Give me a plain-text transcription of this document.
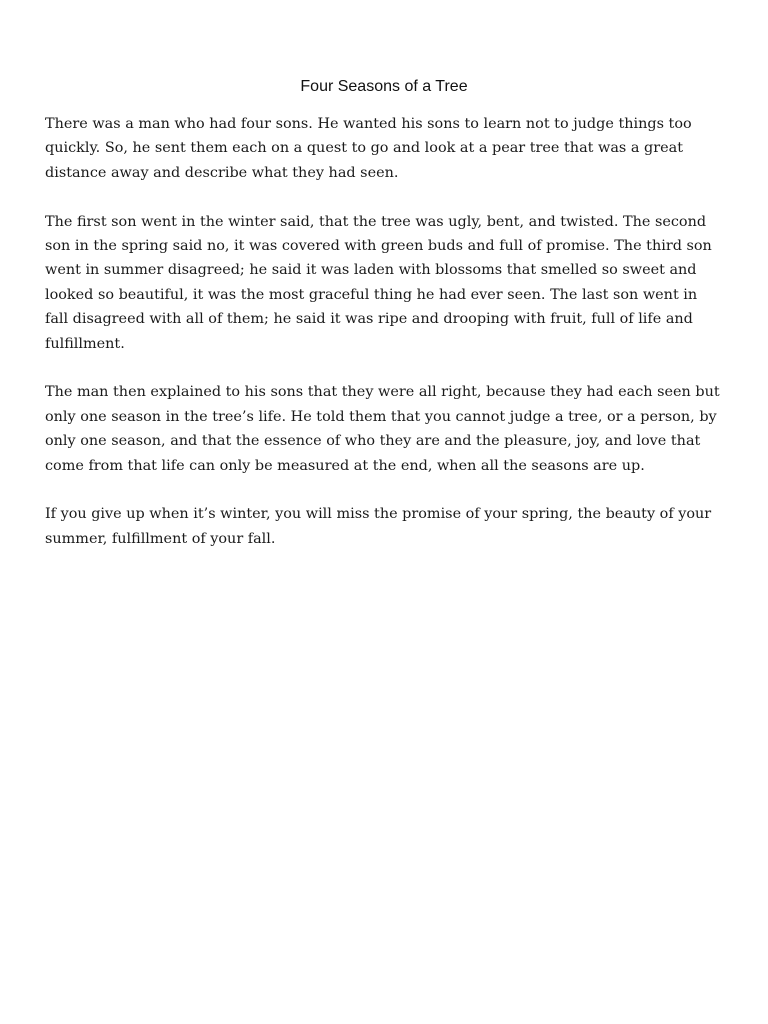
Four Seasons of a Tree

There was a man who had four sons. He wanted his sons to learn not to judge things too quickly. So, he sent them each on a quest to go and look at a pear tree that was a great distance away and describe what they had seen.

The first son went in the winter said, that the tree was ugly, bent, and twisted. The second son in the spring said no, it was covered with green buds and full of promise. The third son went in summer disagreed; he said it was laden with blossoms that smelled so sweet and looked so beautiful, it was the most graceful thing he had ever seen. The last son went in fall disagreed with all of them; he said it was ripe and drooping with fruit, full of life and fulfillment.

The man then explained to his sons that they were all right, because they had each seen but only one season in the tree’s life. He told them that you cannot judge a tree, or a person, by only one season, and that the essence of who they are and the pleasure, joy, and love that come from that life can only be measured at the end, when all the seasons are up.

If you give up when it’s winter, you will miss the promise of your spring, the beauty of your summer, fulfillment of your fall.
